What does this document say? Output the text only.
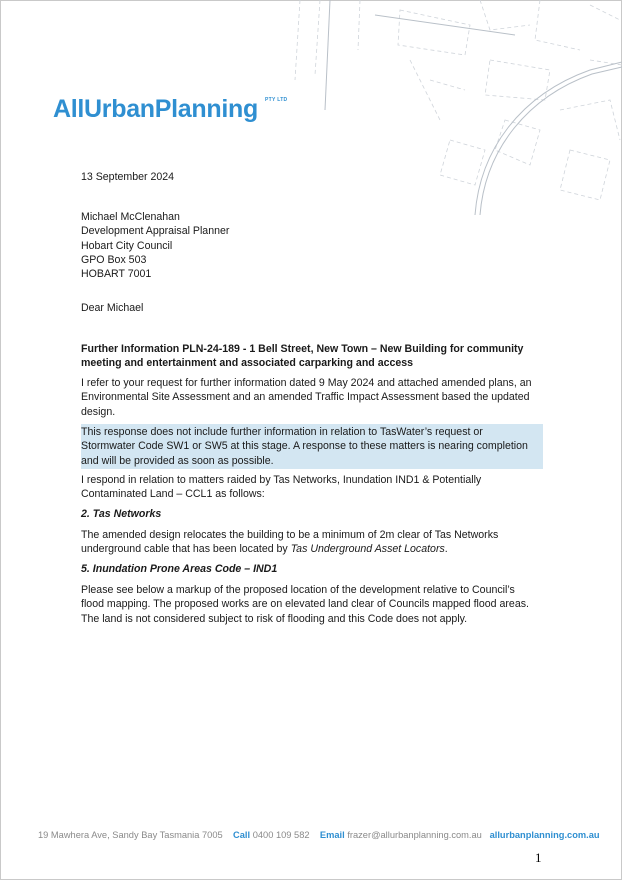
AllUrbanPlanning PTY LTD
13 September 2024
Michael McClenahan
Development Appraisal Planner
Hobart City Council
GPO Box 503
HOBART 7001
Dear Michael
Further Information PLN-24-189 - 1 Bell Street, New Town – New Building for community
meeting and entertainment and associated carparking and access
I refer to your request for further information dated 9 May 2024 and attached amended plans, an
Environmental Site Assessment and an amended Traffic Impact Assessment based the updated
design.
This response does not include further information in relation to TasWater’s request or
Stormwater Code SW1 or SW5 at this stage. A response to these matters is nearing completion
and will be provided as soon as possible.
I respond in relation to matters raided by Tas Networks, Inundation IND1 & Potentially
Contaminated Land – CCL1 as follows:
2. Tas Networks
The amended design relocates the building to be a minimum of 2m clear of Tas Networks
underground cable that has been located by Tas Underground Asset Locators.
5. Inundation Prone Areas Code – IND1
Please see below a markup of the proposed location of the development relative to Council’s
flood mapping. The proposed works are on elevated land clear of Councils mapped flood areas.
The land is not considered subject to risk of flooding and this Code does not apply.
19 Mawhera Ave, Sandy Bay Tasmania 7005 Call 0400 109 582 Email frazer@allurbanplanning.com.au allurbanplanning.com.au
1
